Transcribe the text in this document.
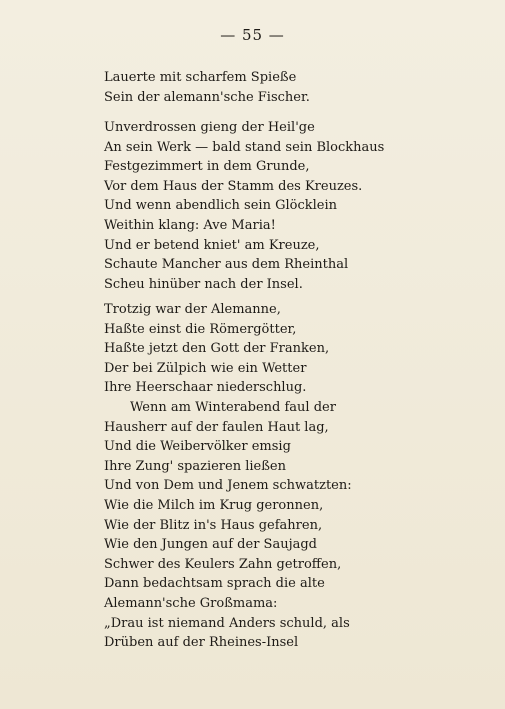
— 55 —

Lauerte mit scharfem Spieße

Sein der alemann'sche Fischer.

Unverdrossen gieng der Heil'ge

An sein Werk — bald stand sein Blockhaus

Festgezimmert in dem Grunde,

Vor dem Haus der Stamm des Kreuzes.

Und wenn abendlich sein Glöcklein

Weithin klang: Ave Maria!

Und er betend kniet' am Kreuze,

Schaute Mancher aus dem Rheinthal

Scheu hinüber nach der Insel.

Trotzig war der Alemanne,

Haßte einst die Römergötter,

Haßte jetzt den Gott der Franken,

Der bei Zülpich wie ein Wetter

Ihre Heerschaar niederschlug.

Wenn am Winterabend faul der

Hausherr auf der faulen Haut lag,

Und die Weibervölker emsig

Ihre Zung' spazieren ließen

Und von Dem und Jenem schwatzten:

Wie die Milch im Krug geronnen,

Wie der Blitz in's Haus gefahren,

Wie den Jungen auf der Saujagd

Schwer des Keulers Zahn getroffen,

Dann bedachtsam sprach die alte

Alemann'sche Großmama:

„Drau ist niemand Anders schuld, als

Drüben auf der Rheines-Insel
